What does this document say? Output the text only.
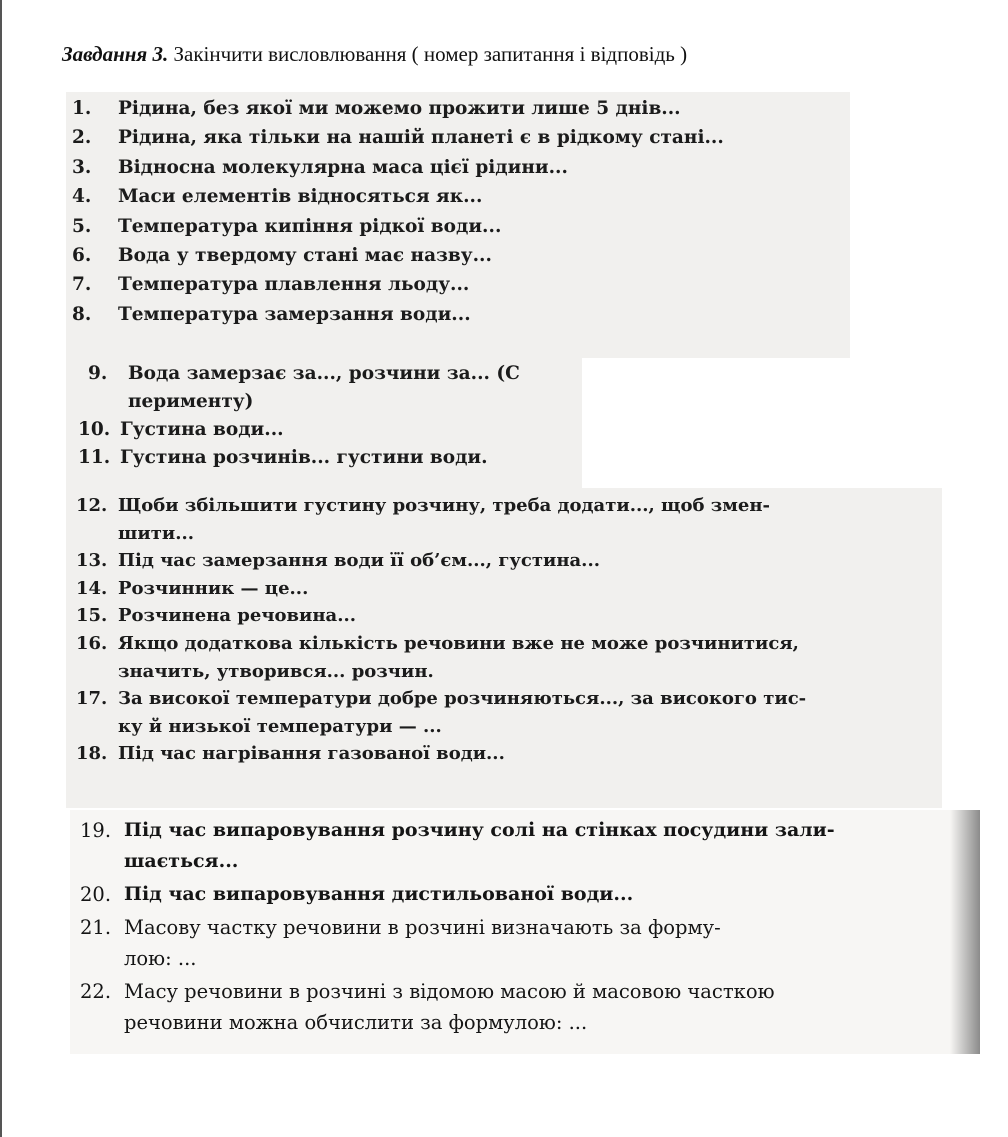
Завдання 3. Закінчити висловлювання ( номер запитання і відповідь )
1.	Рідина, без якої ми можемо прожити лише 5 днів...
2.	Рідина, яка тільки на нашій планеті є в рідкому стані...
3.	Відносна молекулярна маса цієї рідини...
4.	Маси елементів відносяться як...
5.	Температура кипіння рідкої води...
6.	Вода у твердому стані має назву...
7.	Температура плавлення льоду...
8.	Температура замерзання води...
9.	Вода замерзає за..., розчини за... (С
перименту)
10. Густина води...
11. Густина розчинів... густини води.
12. Щоби збільшити густину розчину, треба додати..., щоб змен-
шити...
13. Під час замерзання води її об’єм..., густина...
14. Розчинник — це...
15. Розчинена речовина...
16. Якщо додаткова кількість речовини вже не може розчинитися,
значить, утворився... розчин.
17. За високої температури добре розчиняються..., за високого тис-
ку й низької температури — ...
18. Під час нагрівання газованої води...
19. Під час випаровування розчину солі на стінках посудини зали-
шається...
20. Під час випаровування дистильованої води...
21. Масову частку речовини в розчині визначають за форму-
лою: ...
22. Масу речовини в розчині з відомою масою й масовою часткою
речовини можна обчислити за формулою: ...
